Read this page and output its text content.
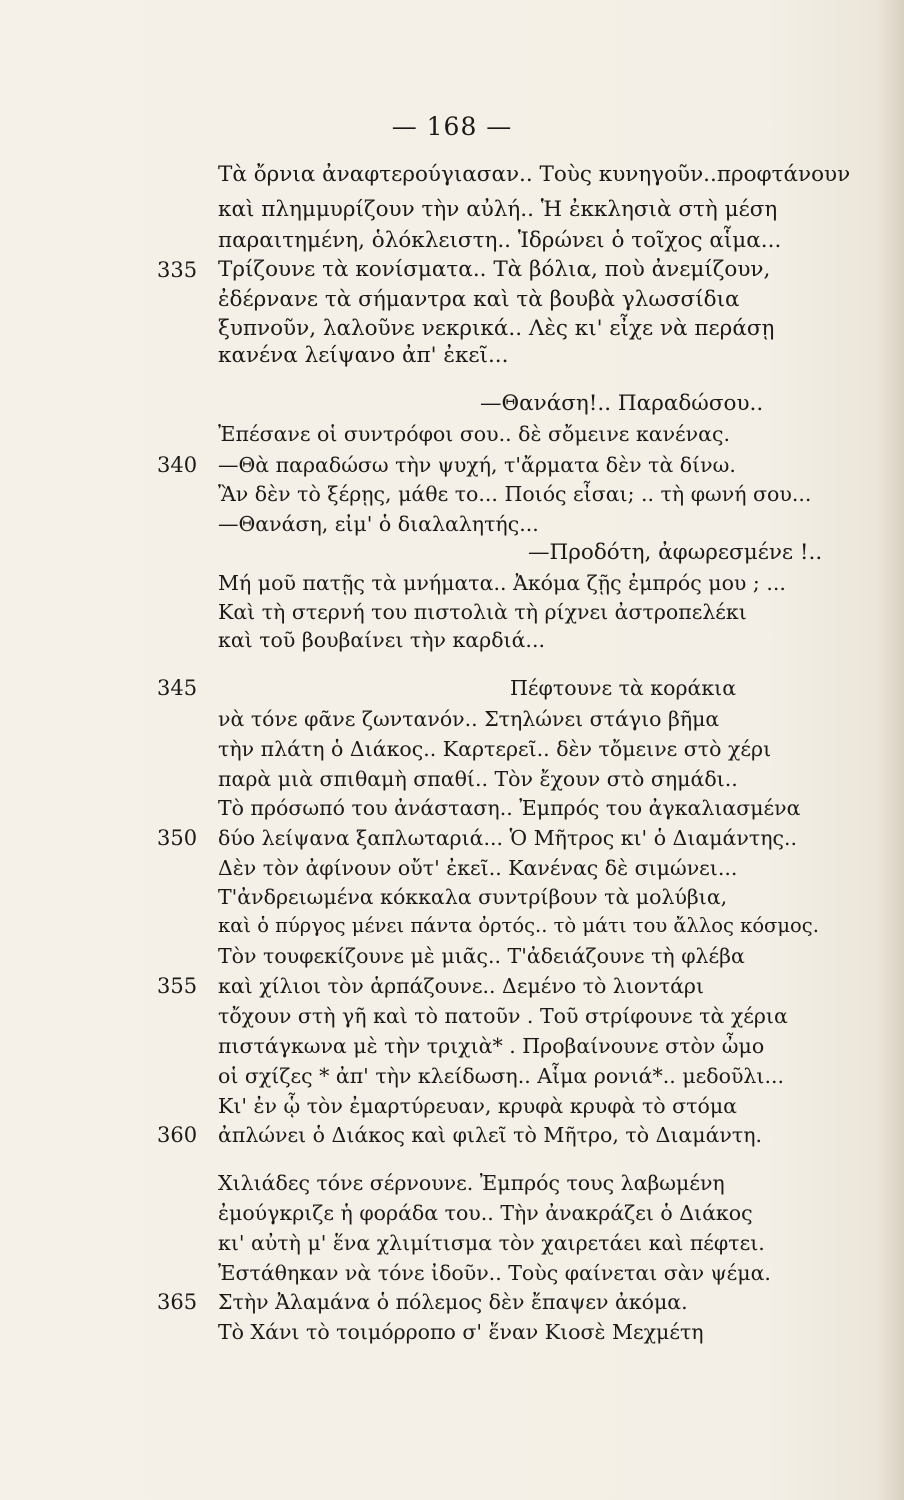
— 168 —
Τὰ ὄρνια ἀναφτερούγιασαν.. Τοὺς κυνηγοῦν..προφτάνουν
καὶ πλημμυρίζουν τὴν αὐλή.. Ἡ ἐκκλησιὰ στὴ μέση
παραιτημένη, ὁλόκλειστη.. Ἱδρώνει ὁ τοῖχος αἷμα...
335 Τρίζουνε τὰ κονίσματα.. Τὰ βόλια, ποὺ ἀνεμίζουν,
ἐδέρνανε τὰ σήμαντρα καὶ τὰ βουβὰ γλωσσίδια
ξυπνοῦν, λαλοῦνε νεκρικά.. Λὲς κι' εἶχε νὰ περάσῃ
κανένα λείψανο ἀπ' ἐκεῖ...
—Θανάση!.. Παραδώσου..
Ἐπέσανε οἱ συντρόφοι σου.. δὲ σὄμεινε κανένας.
340	—Θὰ παραδώσω τὴν ψυχή, τ'ἄρματα δὲν τὰ δίνω.
Ἂν δὲν τὸ ξέρῃς, μάθε το... Ποιός εἶσαι; .. τὴ φωνή σου...
—Θανάση, εἰμ' ὁ διαλαλητής...
—Προδότη, ἀφωρεσμένε !..
Μή μοῦ πατῇς τὰ μνήματα.. Ἀκόμα ζῇς ἐμπρός μου ; ...
Καὶ τὴ στερνή του πιστολιὰ τὴ ρίχνει ἀστροπελέκι
καὶ τοῦ βουβαίνει τὴν καρδιά...
345	Πέφτουνε τὰ κοράκια
νὰ τόνε φᾶνε ζωντανόν.. Στηλώνει στάγιο βῆμα
τὴν πλάτη ὁ Διάκος.. Καρτερεῖ.. δὲν τὄμεινε στὸ χέρι
παρὰ μιὰ σπιθαμὴ σπαθί.. Τὸν ἔχουν στὸ σημάδι..
Τὸ πρόσωπό του ἀνάσταση.. Ἐμπρός του ἀγκαλιασμένα
350	δύο λείψανα ξαπλωταριά... Ὁ Μῆτρος κι' ὁ Διαμάντης..
Δὲν τὸν ἀφίνουν οὔτ' ἐκεῖ.. Κανένας δὲ σιμώνει...
Τ'ἀνδρειωμένα κόκκαλα συντρίβουν τὰ μολύβια,
καὶ ὁ πύργος μένει πάντα ὀρτός.. τὸ μάτι του ἄλλος κόσμος.
Τὸν τουφεκίζουνε μὲ μιᾶς.. Τ'ἀδειάζουνε τὴ φλέβα
355	καὶ χίλιοι τὸν ἁρπάζουνε.. Δεμένο τὸ λιοντάρι
τὄχουν στὴ γῆ καὶ τὸ πατοῦν . Τοῦ στρίφουνε τὰ χέρια
πιστάγκωνα μὲ τὴν τριχιὰ* . Προβαίνουνε στὸν ὦμο
οἱ σχίζες * ἀπ' τὴν κλείδωση.. Αἷμα ρονιά*.. μεδοῦλι...
Κι' ἐν ᾧ τὸν ἐμαρτύρευαν, κρυφὰ κρυφὰ τὸ στόμα
360	ἀπλώνει ὁ Διάκος καὶ φιλεῖ τὸ Μῆτρο, τὸ Διαμάντη.
Χιλιάδες τόνε σέρνουνε. Ἐμπρός τους λαβωμένη
ἐμούγκριζε ἡ φοράδα του.. Τὴν ἀνακράζει ὁ Διάκος
κι' αὐτὴ μ' ἕνα χλιμίτισμα τὸν χαιρετάει καὶ πέφτει.
Ἐστάθηκαν νὰ τόνε ἰδοῦν.. Τοὺς φαίνεται σὰν ψέμα.
365	Στὴν Ἀλαμάνα ὁ πόλεμος δὲν ἔπαψεν ἀκόμα.
Τὸ Χάνι τὸ τοιμόρροπο σ' ἕναν Κιοσὲ Μεχμέτη
